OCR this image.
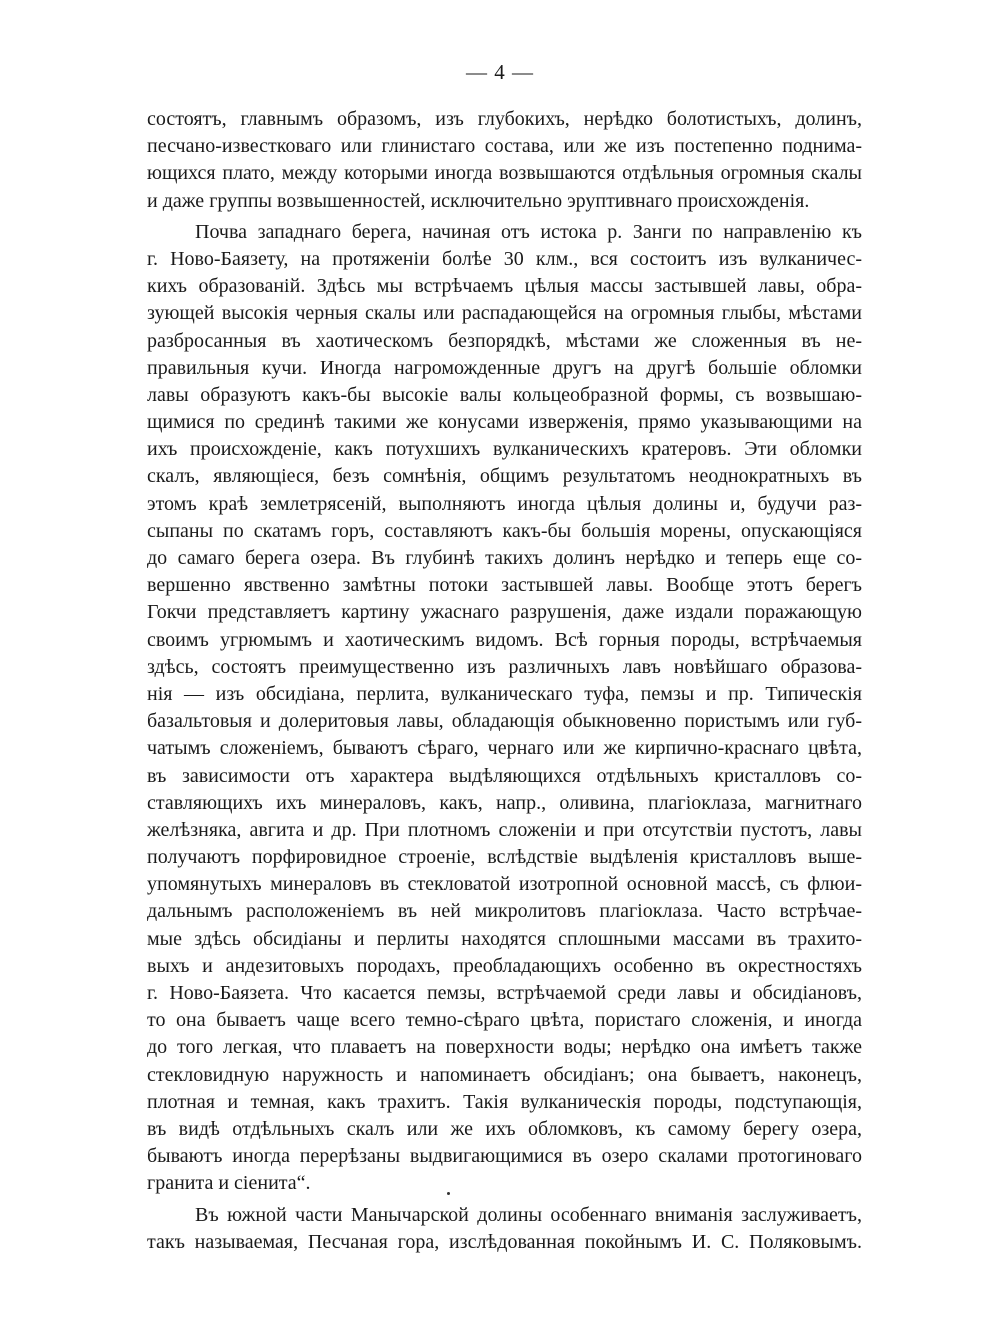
— 4 —
состоятъ, главнымъ образомъ, изъ глубокихъ, нерѣдко болотистыхъ, долинъ,
песчано-известковаго или глинистаго состава, или же изъ постепенно поднима-
ющихся плато, между которыми иногда возвышаются отдѣльныя огромныя скалы
и даже группы возвышенностей, исключительно эруптивнаго происхожденія.
Почва западнаго берега, начиная отъ истока р. Занги по направленію къ
г. Ново-Баязету, на протяженіи болѣе 30 клм., вся состоитъ изъ вулканичес-
кихъ образованій. Здѣсь мы встрѣчаемъ цѣлыя массы застывшей лавы, обра-
зующей высокія черныя скалы или распадающейся на огромныя глыбы, мѣстами
разбросанныя въ хаотическомъ безпорядкѣ, мѣстами же сложенныя въ не-
правильныя кучи. Иногда нагроможденные другъ на другѣ большіе обломки
лавы образуютъ какъ-бы высокіе валы кольцеобразной формы, съ возвышаю-
щимися по срединѣ такими же конусами изверженія, прямо указывающими на
ихъ происхожденіе, какъ потухшихъ вулканическихъ кратеровъ. Эти обломки
скалъ, являющіеся, безъ сомнѣнія, общимъ результатомъ неоднократныхъ въ
этомъ краѣ землетрясеній, выполняютъ иногда цѣлыя долины и, будучи раз-
сыпаны по скатамъ горъ, составляютъ какъ-бы большія морены, опускающіяся
до самаго берега озера. Въ глубинѣ такихъ долинъ нерѣдко и теперь еще со-
вершенно явственно замѣтны потоки застывшей лавы. Вообще этотъ берегъ
Гокчи представляетъ картину ужаснаго разрушенія, даже издали поражающую
своимъ угрюмымъ и хаотическимъ видомъ. Всѣ горныя породы, встрѣчаемыя
здѣсь, состоятъ преимущественно изъ различныхъ лавъ новѣйшаго образова-
нія — изъ обсидіана, перлита, вулканическаго туфа, пемзы и пр. Типическія
базальтовыя и долеритовыя лавы, обладающія обыкновенно пористымъ или губ-
чатымъ сложеніемъ, бываютъ сѣраго, чернаго или же кирпично-краснаго цвѣта,
въ зависимости отъ характера выдѣляющихся отдѣльныхъ кристалловъ со-
ставляющихъ ихъ минераловъ, какъ, напр., оливина, плагіоклаза, магнитнаго
желѣзняка, авгита и др. При плотномъ сложеніи и при отсутствіи пустотъ, лавы
получаютъ порфировидное строеніе, вслѣдствіе выдѣленія кристалловъ выше-
упомянутыхъ минераловъ въ стекловатой изотропной основной массѣ, съ флюи-
дальнымъ расположеніемъ въ ней микролитовъ плагіоклаза. Часто встрѣчае-
мые здѣсь обсидіаны и перлиты находятся сплошными массами въ трахито-
выхъ и андезитовыхъ породахъ, преобладающихъ особенно въ окрестностяхъ
г. Ново-Баязета. Что касается пемзы, встрѣчаемой среди лавы и обсидіановъ,
то она бываетъ чаще всего темно-сѣраго цвѣта, пористаго сложенія, и иногда
до того легкая, что плаваетъ на поверхности воды; нерѣдко она имѣетъ также
стекловидную наружность и напоминаетъ обсидіанъ; она бываетъ, наконецъ,
плотная и темная, какъ трахитъ. Такія вулканическія породы, подступающія,
въ видѣ отдѣльныхъ скалъ или же ихъ обломковъ, къ самому берегу озера,
бываютъ иногда перерѣзаны выдвигающимися въ озеро скалами протогиноваго
гранита и сіенита“.
Въ южной части Манычарской долины особеннаго вниманія заслуживаетъ,
такъ называемая, Песчаная гора, изслѣдованная покойнымъ И. С. Поляковымъ.
